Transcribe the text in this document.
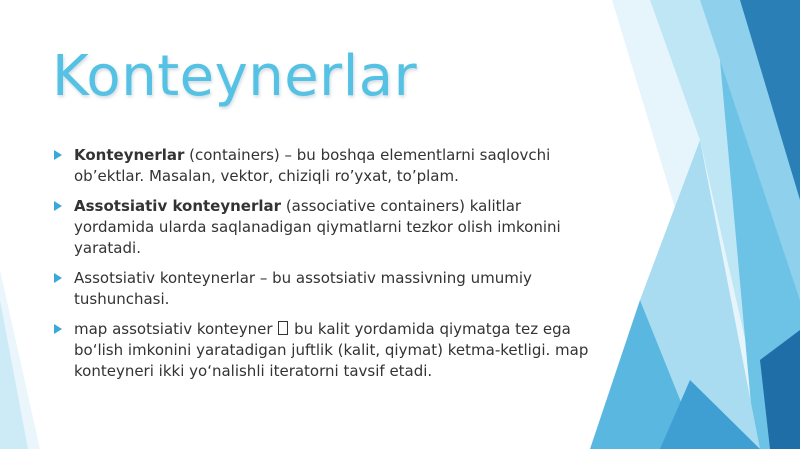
Konteynerlar
Konteynerlar (containers) – bu boshqa elementlarni saqlovchi ob’ektlar. Masalan, vektor, chiziqli ro’yxat, to’plam.
Assotsiativ konteynerlar (associative containers) kalitlar yordamida ularda saqlanadigan qiymatlarni tezkor olish imkonini yaratadi.
Assotsiativ konteynerlar – bu assotsiativ massivning umumiy tushunchasi.
map assotsiativ konteyner  bu kalit yordamida qiymatga tez ega bo‘lish imkonini yaratadigan juftlik (kalit, qiymat) ketma-ketligi. map konteyneri ikki yo‘nalishli iteratorni tavsif etadi.
